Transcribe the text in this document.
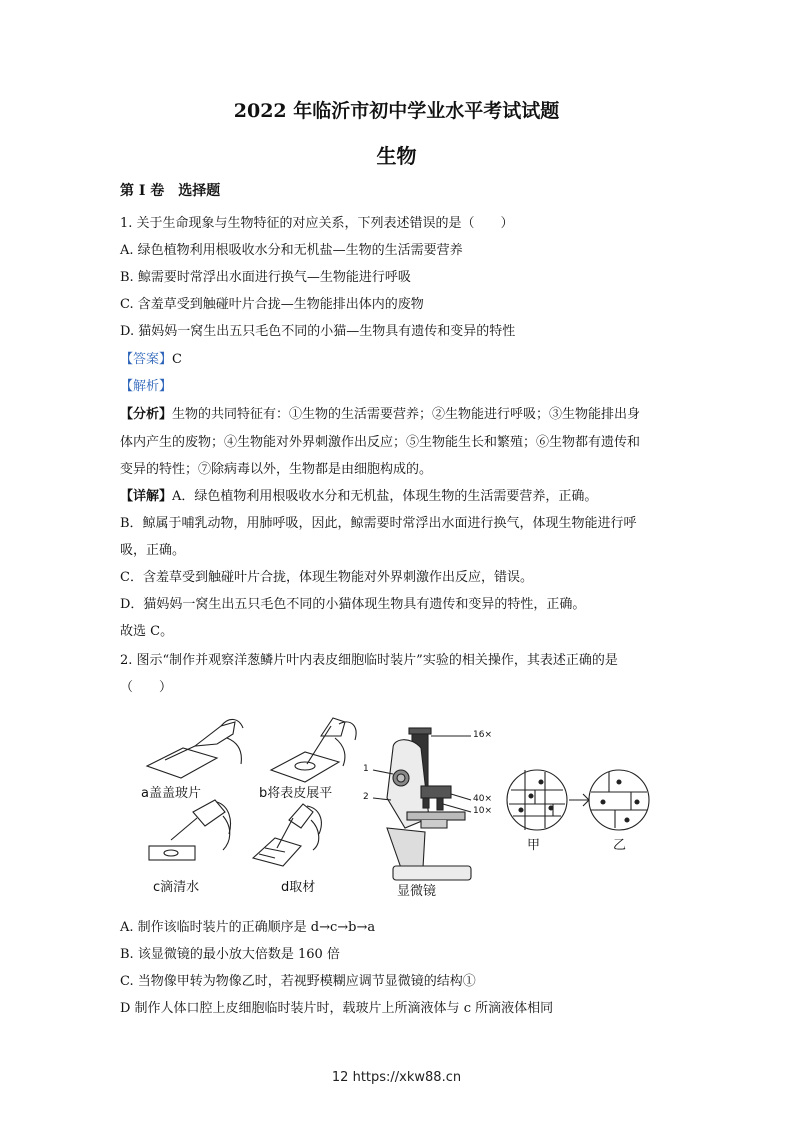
2022 年临沂市初中学业水平考试试题
生物
第 I 卷　选择题
1. 关于生命现象与生物特征的对应关系，下列表述错误的是（　　）
A. 绿色植物利用根吸收水分和无机盐—生物的生活需要营养
B. 鲸需要时常浮出水面进行换气—生物能进行呼吸
C. 含羞草受到触碰叶片合拢—生物能排出体内的废物
D. 猫妈妈一窝生出五只毛色不同的小猫—生物具有遗传和变异的特性
【答案】C
【解析】
【分析】生物的共同特征有：①生物的生活需要营养；②生物能进行呼吸；③生物能排出身
体内产生的废物；④生物能对外界刺激作出反应；⑤生物能生长和繁殖；⑥生物都有遗传和
变异的特性；⑦除病毒以外，生物都是由细胞构成的。
【详解】A．绿色植物利用根吸收水分和无机盐，体现生物的生活需要营养，正确。
B．鲸属于哺乳动物，用肺呼吸，因此，鲸需要时常浮出水面进行换气，体现生物能进行呼
吸，正确。
C．含羞草受到触碰叶片合拢，体现生物能对外界刺激作出反应，错误。
D．猫妈妈一窝生出五只毛色不同的小猫体现生物具有遗传和变异的特性，正确。
故选 C。
2. 图示“制作并观察洋葱鳞片叶内表皮细胞临时装片”实验的相关操作，其表述正确的是
（　　）
a盖盖玻片	b将表皮展平
c滴清水	d取材	显微镜
甲	乙
1
2
16×
40×
10×
A. 制作该临时装片的正确顺序是 d→c→b→a
B. 该显微镜的最小放大倍数是 160 倍
C. 当物像甲转为物像乙时，若视野模糊应调节显微镜的结构①
D 制作人体口腔上皮细胞临时装片时，载玻片上所滴液体与 c 所滴液体相同
12 https://xkw88.cn
